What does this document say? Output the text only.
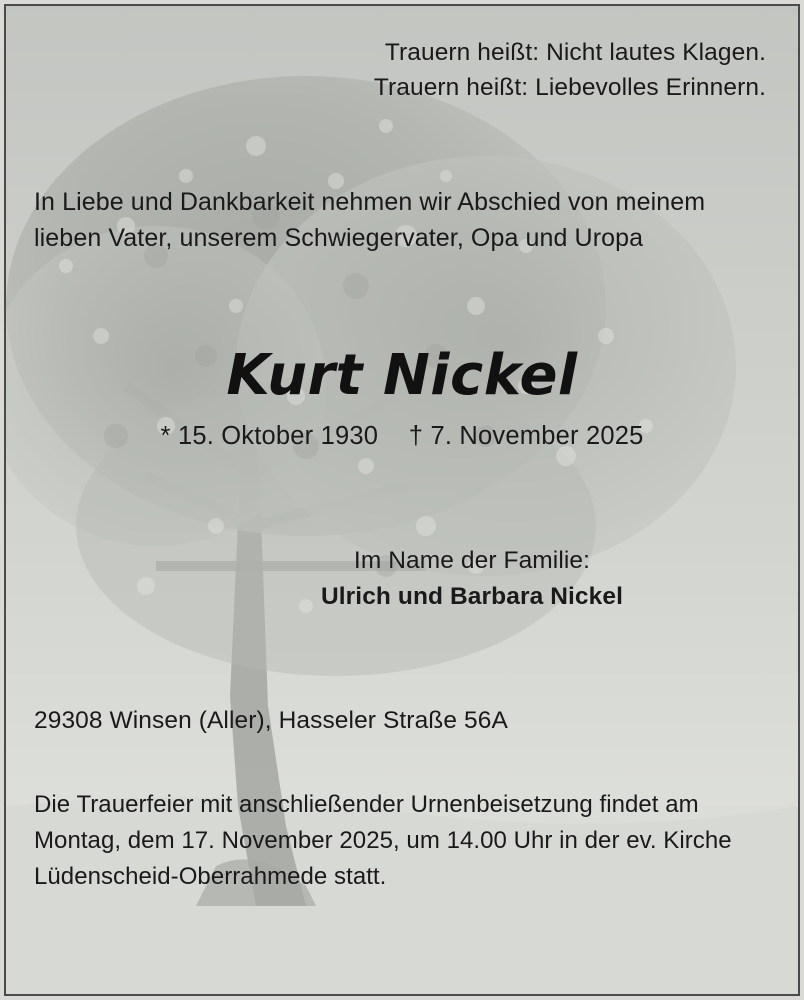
Trauern heißt: Nicht lautes Klagen.
Trauern heißt: Liebevolles Erinnern.
In Liebe und Dankbarkeit nehmen wir Abschied von meinem lieben Vater, unserem Schwiegervater, Opa und Uropa
Kurt Nickel
* 15. Oktober 1930 † 7. November 2025
Im Name der Familie:
Ulrich und Barbara Nickel
29308 Winsen (Aller), Hasseler Straße 56A
Die Trauerfeier mit anschließender Urnenbeisetzung findet am Montag, dem 17. November 2025, um 14.00 Uhr in der ev. Kirche Lüdenscheid-Oberrahmede statt.
